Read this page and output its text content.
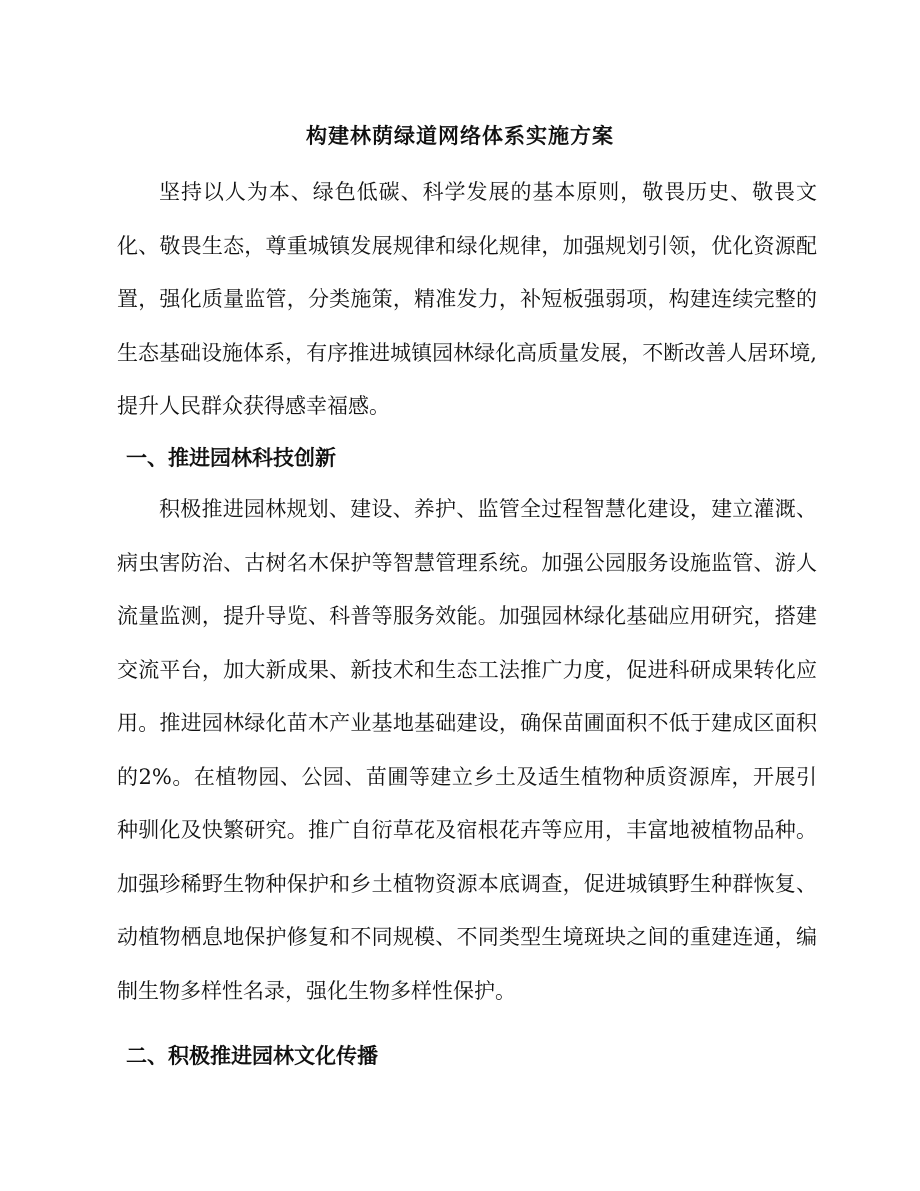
构建林荫绿道网络体系实施方案

坚持以人为本、绿色低碳、科学发展的基本原则，敬畏历史、敬畏文化、敬畏生态，尊重城镇发展规律和绿化规律，加强规划引领，优化资源配置，强化质量监管，分类施策，精准发力，补短板强弱项，构建连续完整的生态基础设施体系，有序推进城镇园林绿化高质量发展，不断改善人居环境,提升人民群众获得感幸福感。

一、推进园林科技创新

积极推进园林规划、建设、养护、监管全过程智慧化建设，建立灌溉、病虫害防治、古树名木保护等智慧管理系统。加强公园服务设施监管、游人流量监测，提升导览、科普等服务效能。加强园林绿化基础应用研究，搭建交流平台，加大新成果、新技术和生态工法推广力度，促进科研成果转化应用。推进园林绿化苗木产业基地基础建设，确保苗圃面积不低于建成区面积的2%。在植物园、公园、苗圃等建立乡土及适生植物种质资源库，开展引种驯化及快繁研究。推广自衍草花及宿根花卉等应用，丰富地被植物品种。加强珍稀野生物种保护和乡土植物资源本底调查，促进城镇野生种群恢复、动植物栖息地保护修复和不同规模、不同类型生境斑块之间的重建连通，编制生物多样性名录，强化生物多样性保护。

二、积极推进园林文化传播
